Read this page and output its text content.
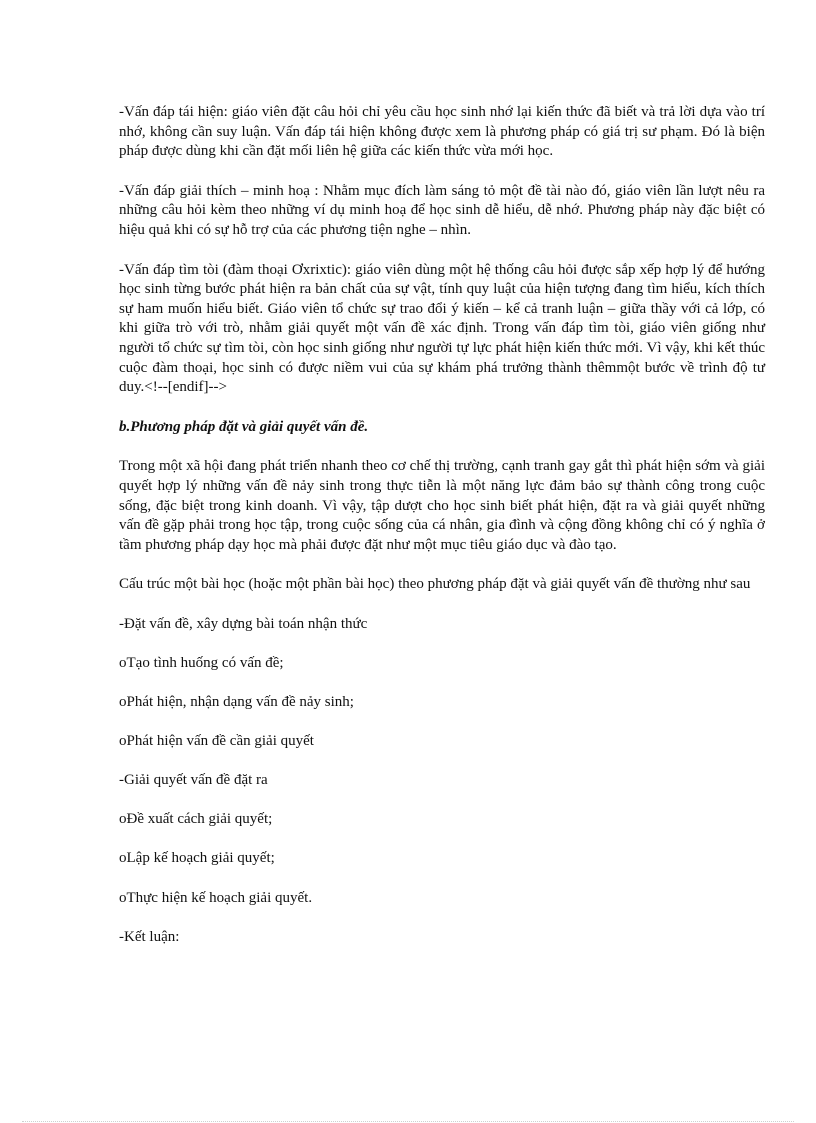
-Vấn đáp tái hiện: giáo viên đặt câu hỏi chỉ yêu cầu học sinh nhớ lại kiến thức đã biết và trả lời dựa vào trí nhớ, không cần suy luận. Vấn đáp tái hiện không được xem là phương pháp có giá trị sư phạm. Đó là biện pháp được dùng khi cần đặt mối liên hệ giữa các kiến thức vừa mới học.

-Vấn đáp giải thích – minh hoạ : Nhằm mục đích làm sáng tỏ một đề tài nào đó, giáo viên lần lượt nêu ra những câu hỏi kèm theo những ví dụ minh hoạ để học sinh dễ hiểu, dễ nhớ. Phương pháp này đặc biệt có hiệu quả khi có sự hỗ trợ của các phương tiện nghe – nhìn.

-Vấn đáp tìm tòi (đàm thoại Ơxrixtic): giáo viên dùng một hệ thống câu hỏi được sắp xếp hợp lý để hướng học sinh từng bước phát hiện ra bản chất của sự vật, tính quy luật của hiện tượng đang tìm hiểu, kích thích sự ham muốn hiểu biết. Giáo viên tổ chức sự trao đổi ý kiến – kể cả tranh luận – giữa thầy với cả lớp, có khi giữa trò với trò, nhằm giải quyết một vấn đề xác định. Trong vấn đáp tìm tòi, giáo viên giống như người tổ chức sự tìm tòi, còn học sinh giống như người tự lực phát hiện kiến thức mới. Vì vậy, khi kết thúc cuộc đàm thoại, học sinh có được niềm vui của sự khám phá trưởng thành thêmmột bước về trình độ tư duy.<!--[endif]-->

b.Phương pháp đặt và giải quyết vấn đề.

Trong một xã hội đang phát triển nhanh theo cơ chế thị trường, cạnh tranh gay gắt thì phát hiện sớm và giải quyết hợp lý những vấn đề nảy sinh trong thực tiễn là một năng lực đảm bảo sự thành công trong cuộc sống, đặc biệt trong kinh doanh. Vì vậy, tập dượt cho học sinh biết phát hiện, đặt ra và giải quyết những vấn đề gặp phải trong học tập, trong cuộc sống của cá nhân, gia đình và cộng đồng không chỉ có ý nghĩa ở tầm phương pháp dạy học mà phải được đặt như một mục tiêu giáo dục và đào tạo.

Cấu trúc một bài học (hoặc một phần bài học) theo phương pháp đặt và giải quyết vấn đề thường như sau

-Đặt vấn đề, xây dựng bài toán nhận thức

oTạo tình huống có vấn đề;

oPhát hiện, nhận dạng vấn đề nảy sinh;

oPhát hiện vấn đề cần giải quyết

-Giải quyết vấn đề đặt ra

oĐề xuất cách giải quyết;

oLập kế hoạch giải quyết;

oThực hiện kế hoạch giải quyết.

-Kết luận:
